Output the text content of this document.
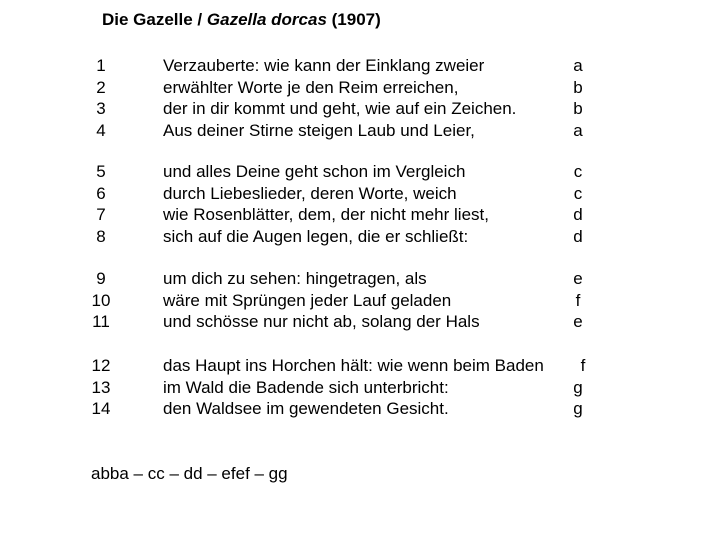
Die Gazelle / Gazella dorcas (1907)
1	Verzauberte: wie kann der Einklang zweier	a
2	erwählter Worte je den Reim erreichen,	b
3	der in dir kommt und geht, wie auf ein Zeichen.	b
4	Aus deiner Stirne steigen Laub und Leier,	a
5	und alles Deine geht schon im Vergleich	c
6	durch Liebeslieder, deren Worte, weich	c
7	wie Rosenblätter, dem, der nicht mehr liest,	d
8	sich auf die Augen legen, die er schließt:	d
9	um dich zu sehen: hingetragen, als	e
10	wäre mit Sprüngen jeder Lauf geladen	f
11	und schösse nur nicht ab, solang der Hals	e
12	das Haupt ins Horchen hält: wie wenn beim Baden	f
13	im Wald die Badende sich unterbricht:	g
14	den Waldsee im gewendeten Gesicht.	g
abba – cc – dd – efef – gg
